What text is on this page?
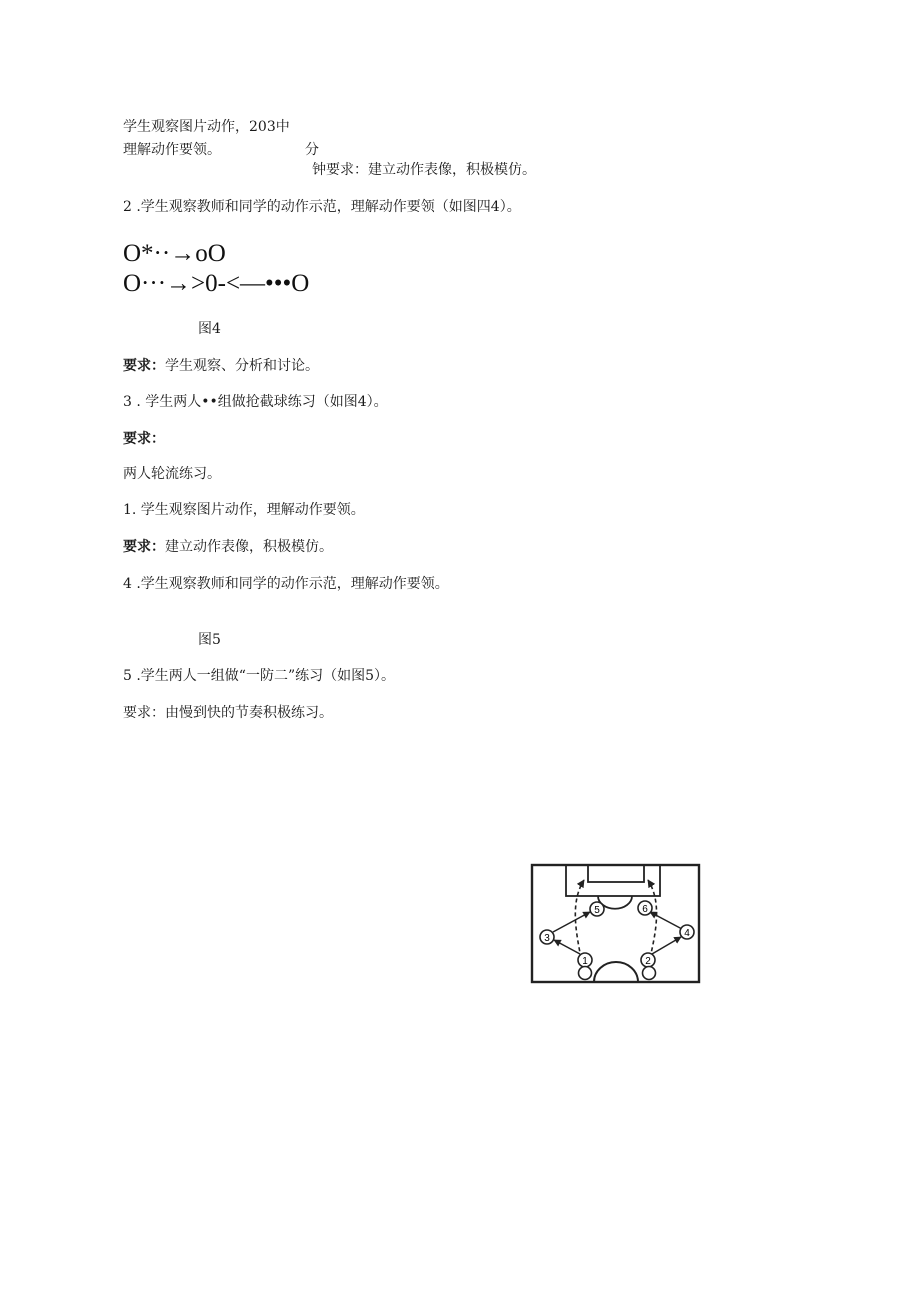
学生观察图片动作，203中
理解动作要领。	分
钟要求：建立动作表像，积极模仿。
2 .学生观察教师和同学的动作示范，理解动作要领（如图四4）。
O*··→oO
O···→>0-<—•••O
图4
要求：学生观察、分析和讨论。
3 . 学生两人••组做抢截球练习（如图4）。
要求：
两人轮流练习。
1. 学生观察图片动作，理解动作要领。
要求：建立动作表像，积极模仿。
4 .学生观察教师和同学的动作示范，理解动作要领。
图5
5 .学生两人一组做“一防二”练习（如图5）。
要求：由慢到快的节奏积极练习。
5	6
3	4
1	2
